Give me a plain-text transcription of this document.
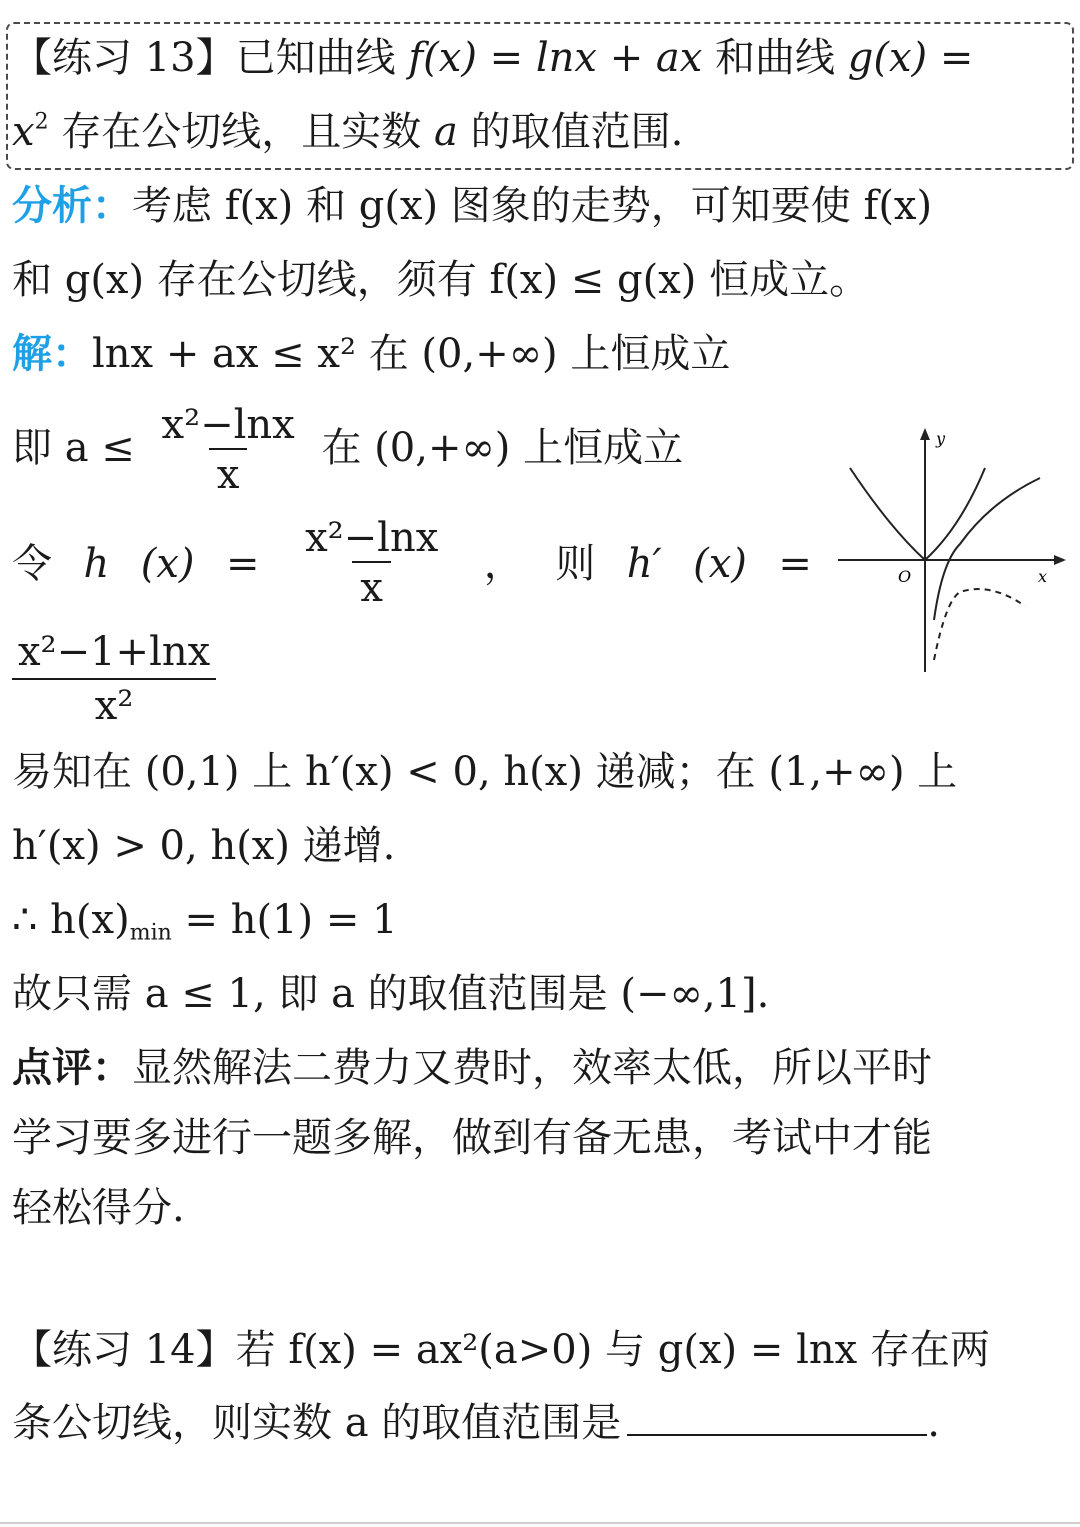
【练习 13】已知曲线 f(x) = lnx + ax 和曲线 g(x) =
$x^2$ 存在公切线，且实数 a 的取值范围.
分析：考虑 f(x) 和 g(x) 图象的走势，可知要使 f(x)
和 g(x) 存在公切线，须有 f(x) ≤ g(x) 恒成立。
解：lnx + ax ≤ x² 在 (0,+∞) 上恒成立
即 $a \le \frac{\text{x²−lnx}}{x}$ 在 (0,+∞) 上恒成立
令 h $(x) = \frac{\text{x²−lnx}}{x}$ ， 则 h′ (x) =
$\frac{\text{x²−1+lnx}}{\text{x²}}$
y
x
O
易知在 (0,1) 上 h′(x) < 0, h(x) 递减；在 (1,+∞) 上
h′(x) > 0, h(x) 递增.
∴ $h(x)_{min} = h(1) = 1$
故只需 a ≤ 1, 即 a 的取值范围是 (−∞,1].
点评：显然解法二费力又费时，效率太低，所以平时
学习要多进行一题多解，做到有备无患，考试中才能
轻松得分.
【练习 14】若 f(x) = ax²(a>0) 与 g(x) = lnx 存在两
条公切线，则实数 a 的取值范围是	.
